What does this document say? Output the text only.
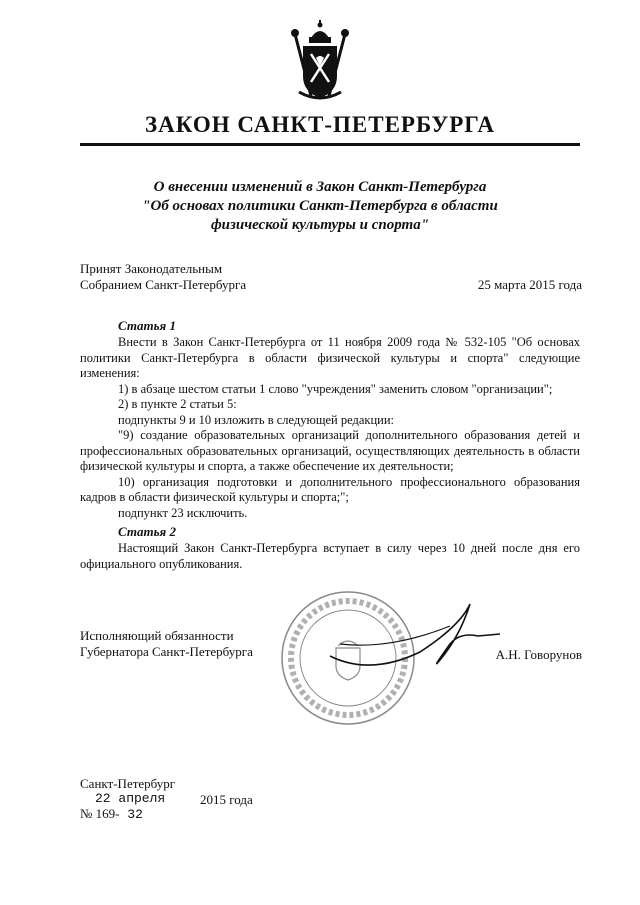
ЗАКОН САНКТ-ПЕТЕРБУРГА
О внесении изменений в Закон Санкт-Петербурга
"Об основах политики Санкт-Петербурга в области
физической культуры и спорта"
Принят Законодательным
Собранием Санкт-Петербурга	25 марта 2015 года
Статья 1
Внести в Закон Санкт-Петербурга от 11 ноября 2009 года № 532-105 "Об основах политики Санкт-Петербурга в области физической культуры и спорта" следующие изменения:
1) в абзаце шестом статьи 1 слово "учреждения" заменить словом "организации";
2) в пункте 2 статьи 5:
подпункты 9 и 10 изложить в следующей редакции:
"9) создание образовательных организаций дополнительного образования детей и профессиональных образовательных организаций, осуществляющих деятельность в области физической культуры и спорта, а также обеспечение их деятельности;
10) организация подготовки и дополнительного профессионального образования кадров в области физической культуры и спорта;";
подпункт 23 исключить.
Статья 2
Настоящий Закон Санкт-Петербурга вступает в силу через 10 дней после дня его официального опубликования.
Исполняющий обязанности
Губернатора Санкт-Петербурга	А.Н. Говорунов
Санкт-Петербург
22 апреля	2015 года
№ 169- 32
